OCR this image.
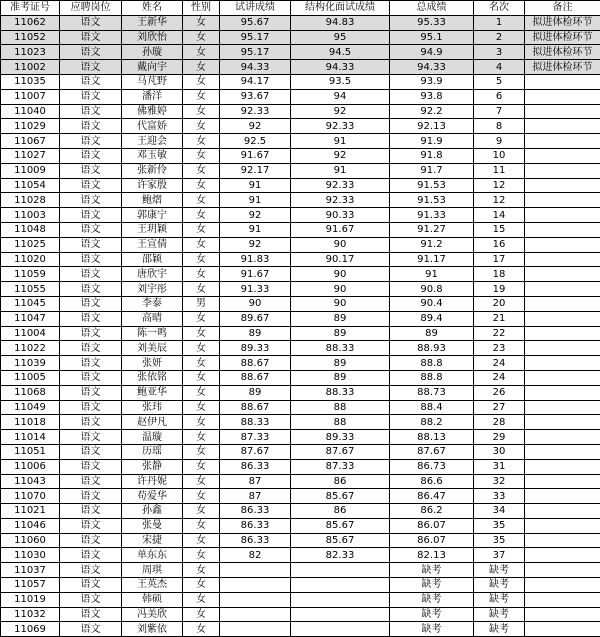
准考证号	应聘岗位	姓名	性别	试讲成绩	结构化面试成绩	总成绩	名次	备注
11062	语文	王新华	女	95.67	94.83	95.33	1	拟进体检环节
11052	语文	刘欣怡	女	95.17	95	95.1	2	拟进体检环节
11023	语文	孙璇	女	95.17	94.5	94.9	3	拟进体检环节
11002	语文	戴向宇	女	94.33	94.33	94.33	4	拟进体检环节
11035	语文	马芃野	女	94.17	93.5	93.9	5	
11007	语文	潘洋	女	93.67	94	93.8	6	
11040	语文	佛雅婷	女	92.33	92	92.2	7	
11029	语文	代富娇	女	92	92.33	92.13	8	
11067	语文	王迎会	女	92.5	91	91.9	9	
11027	语文	邓玉敏	女	91.67	92	91.8	10	
11009	语文	张新伶	女	92.17	91	91.7	11	
11054	语文	许家殷	女	91	92.33	91.53	12	
11028	语文	鲍熠	女	91	92.33	91.53	12	
11003	语文	郭康宁	女	92	90.33	91.33	14	
11048	语文	王玥颖	女	91	91.67	91.27	15	
11025	语文	王宣倩	女	92	90	91.2	16	
11020	语文	邵颖	女	91.83	90.17	91.17	17	
11059	语文	唐欣宇	女	91.67	90	91	18	
11055	语文	刘宇彤	女	91.33	90	90.8	19	
11045	语文	李泰	男	90	90	90.4	20	
11047	语文	高晴	女	89.67	89	89.4	21	
11004	语文	陈一鸣	女	89	89	89	22	
11022	语文	刘美辰	女	89.33	88.33	88.93	23	
11039	语文	张妍	女	88.67	89	88.8	24	
11005	语文	张依铭	女	88.67	89	88.8	24	
11068	语文	鲍亚华	女	89	88.33	88.73	26	
11049	语文	张玮	女	88.67	88	88.4	27	
11018	语文	赵伊凡	女	88.33	88	88.2	28	
11014	语文	温璇	女	87.33	89.33	88.13	29	
11051	语文	历瑶	女	87.67	87.67	87.67	30	
11006	语文	张静	女	86.33	87.33	86.73	31	
11043	语文	许丹妮	女	87	86	86.6	32	
11070	语文	苟爱华	女	87	85.67	86.47	33	
11021	语文	孙鑫	女	86.33	86	86.2	34	
11046	语文	张曼	女	86.33	85.67	86.07	35	
11060	语文	宋捷	女	86.33	85.67	86.07	35	
11030	语文	单东东	女	82	82.33	82.13	37	
11037	语文	周琪	女			缺考	缺考	
11057	语文	王英杰	女			缺考	缺考	
11019	语文	韩硕	女			缺考	缺考	
11032	语文	冯美欣	女			缺考	缺考	
11069	语文	刘紫依	女			缺考	缺考	
